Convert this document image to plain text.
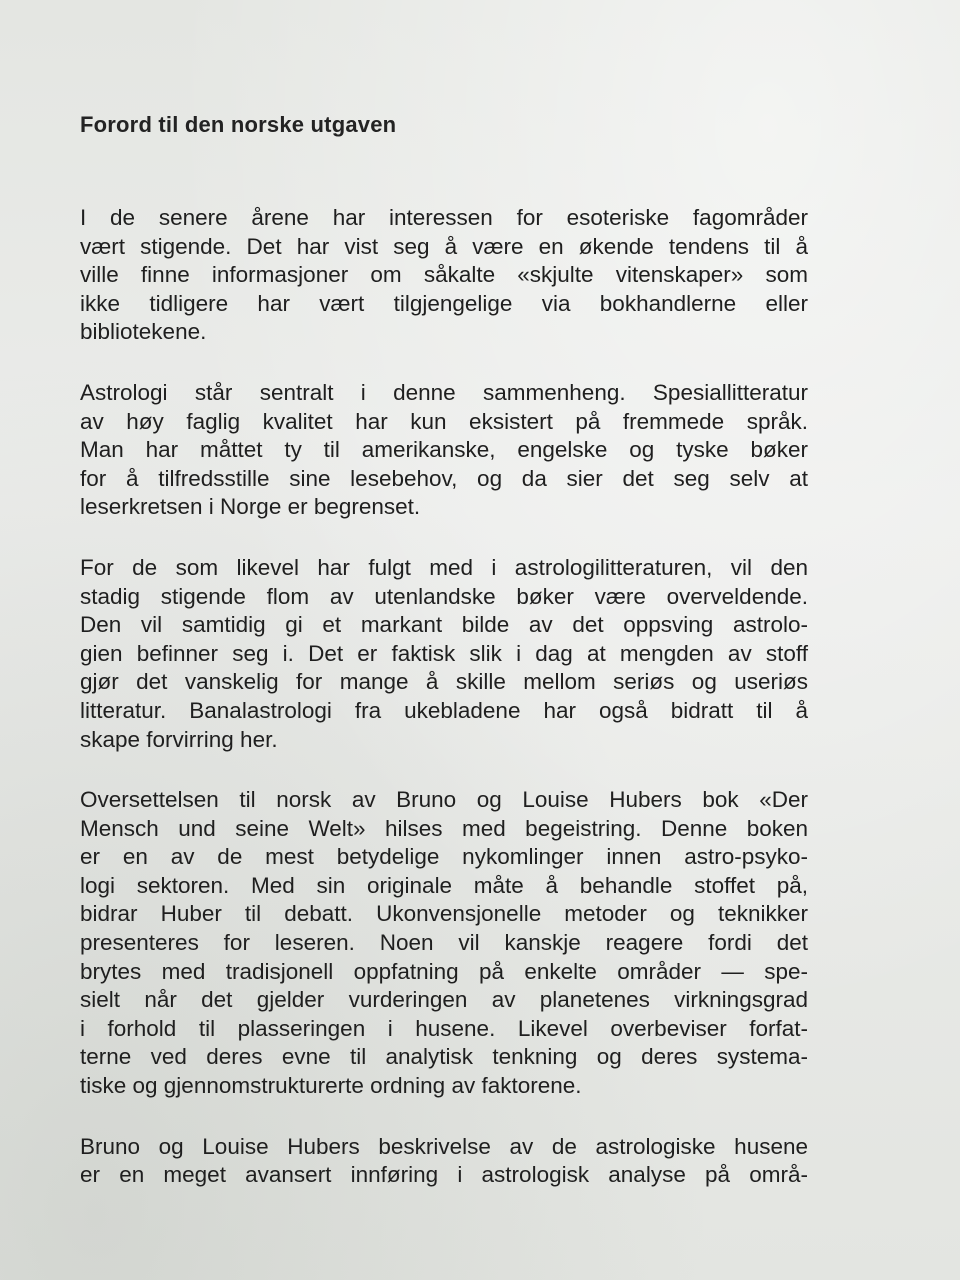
Forord til den norske utgaven
I de senere årene har interessen for esoteriske fagområder
vært stigende. Det har vist seg å være en økende tendens til å
ville finne informasjoner om såkalte «skjulte vitenskaper» som
ikke tidligere har vært tilgjengelige via bokhandlerne eller
bibliotekene.
Astrologi står sentralt i denne sammenheng. Spesiallitteratur
av høy faglig kvalitet har kun eksistert på fremmede språk.
Man har måttet ty til amerikanske, engelske og tyske bøker
for å tilfredsstille sine lesebehov, og da sier det seg selv at
leserkretsen i Norge er begrenset.
For de som likevel har fulgt med i astrologilitteraturen, vil den
stadig stigende flom av utenlandske bøker være overveldende.
Den vil samtidig gi et markant bilde av det oppsving astrolo-
gien befinner seg i. Det er faktisk slik i dag at mengden av stoff
gjør det vanskelig for mange å skille mellom seriøs og useriøs
litteratur. Banalastrologi fra ukebladene har også bidratt til å
skape forvirring her.
Oversettelsen til norsk av Bruno og Louise Hubers bok «Der
Mensch und seine Welt» hilses med begeistring. Denne boken
er en av de mest betydelige nykomlinger innen astro-psyko-
logi sektoren. Med sin originale måte å behandle stoffet på,
bidrar Huber til debatt. Ukonvensjonelle metoder og teknikker
presenteres for leseren. Noen vil kanskje reagere fordi det
brytes med tradisjonell oppfatning på enkelte områder — spe-
sielt når det gjelder vurderingen av planetenes virkningsgrad
i forhold til plasseringen i husene. Likevel overbeviser forfat-
terne ved deres evne til analytisk tenkning og deres systema-
tiske og gjennomstrukturerte ordning av faktorene.
Bruno og Louise Hubers beskrivelse av de astrologiske husene
er en meget avansert innføring i astrologisk analyse på områ-
